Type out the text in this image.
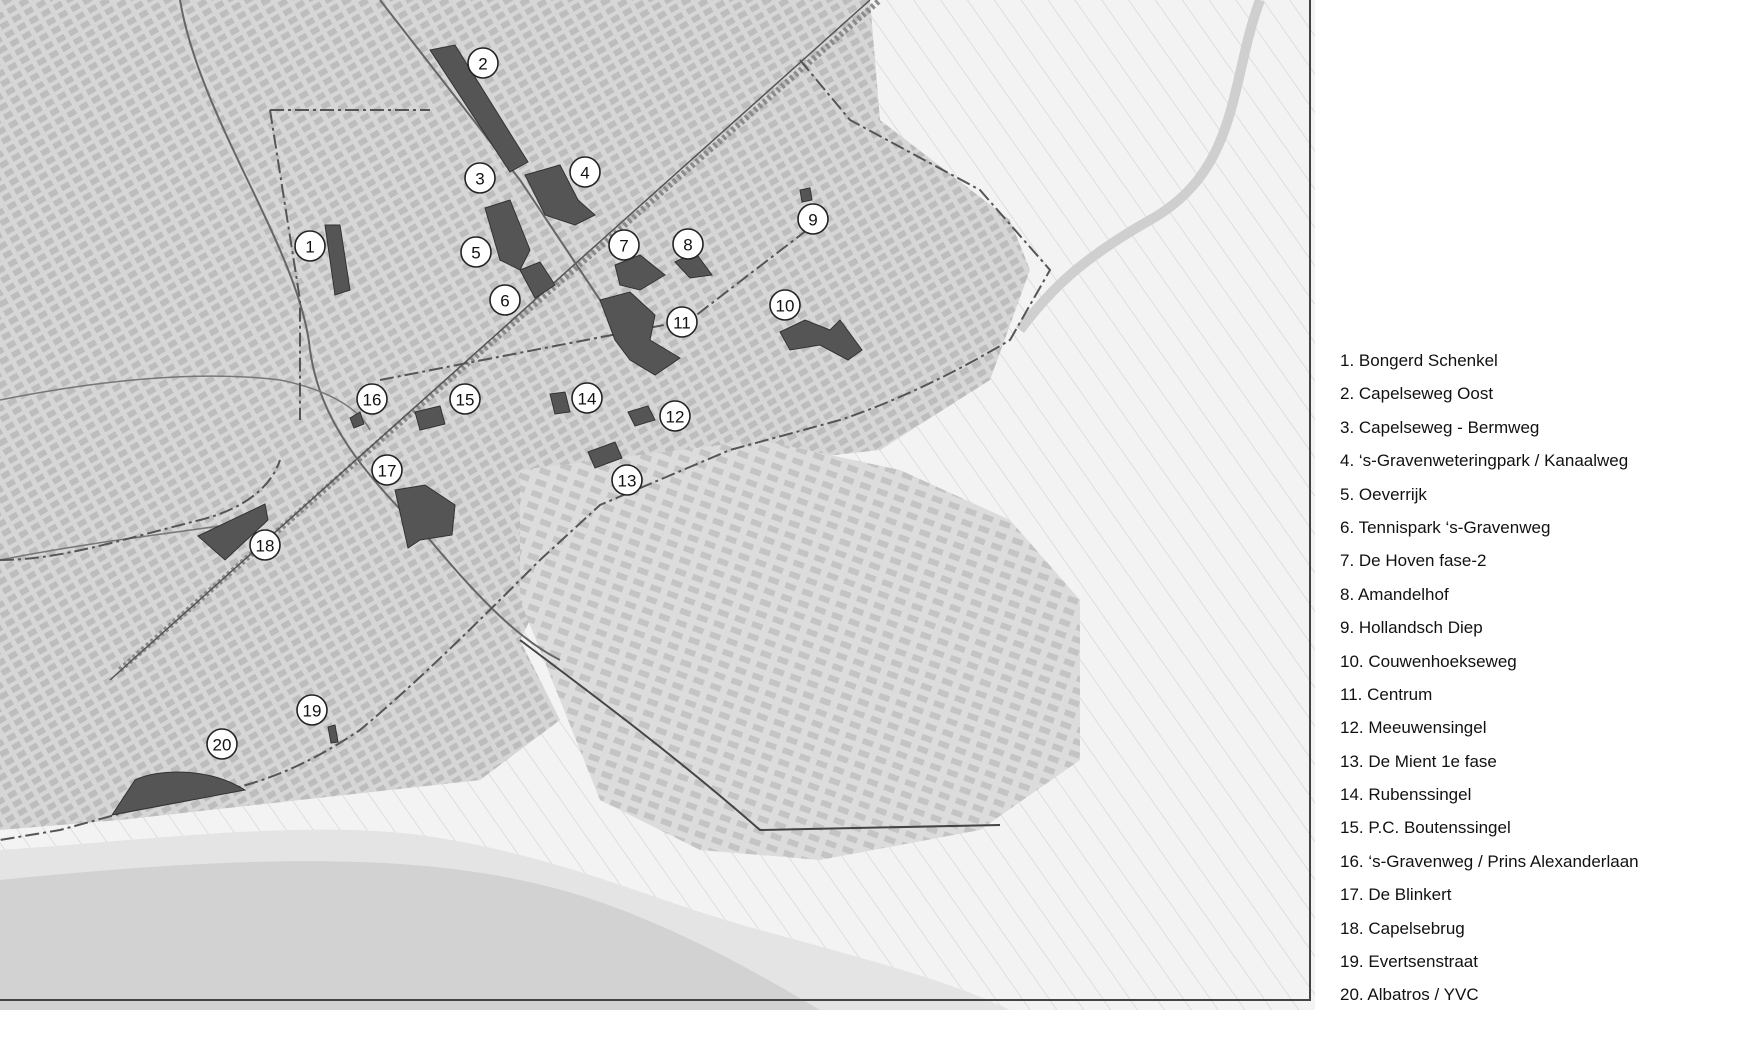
1
2
3	4
5
6
7	8
9
10
11
12
13
14
15
16
17
18
19
20
1. Bongerd Schenkel
2. Capelseweg Oost
3. Capelseweg - Bermweg
4. ‘s-Gravenweteringpark / Kanaalweg
5. Oeverrijk
6. Tennispark ‘s-Gravenweg
7. De Hoven fase-2
8. Amandelhof
9. Hollandsch Diep
10. Couwenhoekseweg
11. Centrum
12. Meeuwensingel
13. De Mient 1e fase
14. Rubenssingel
15. P.C. Boutenssingel
16. ‘s-Gravenweg / Prins Alexanderlaan
17. De Blinkert
18. Capelsebrug
19. Evertsenstraat
20. Albatros / YVC
